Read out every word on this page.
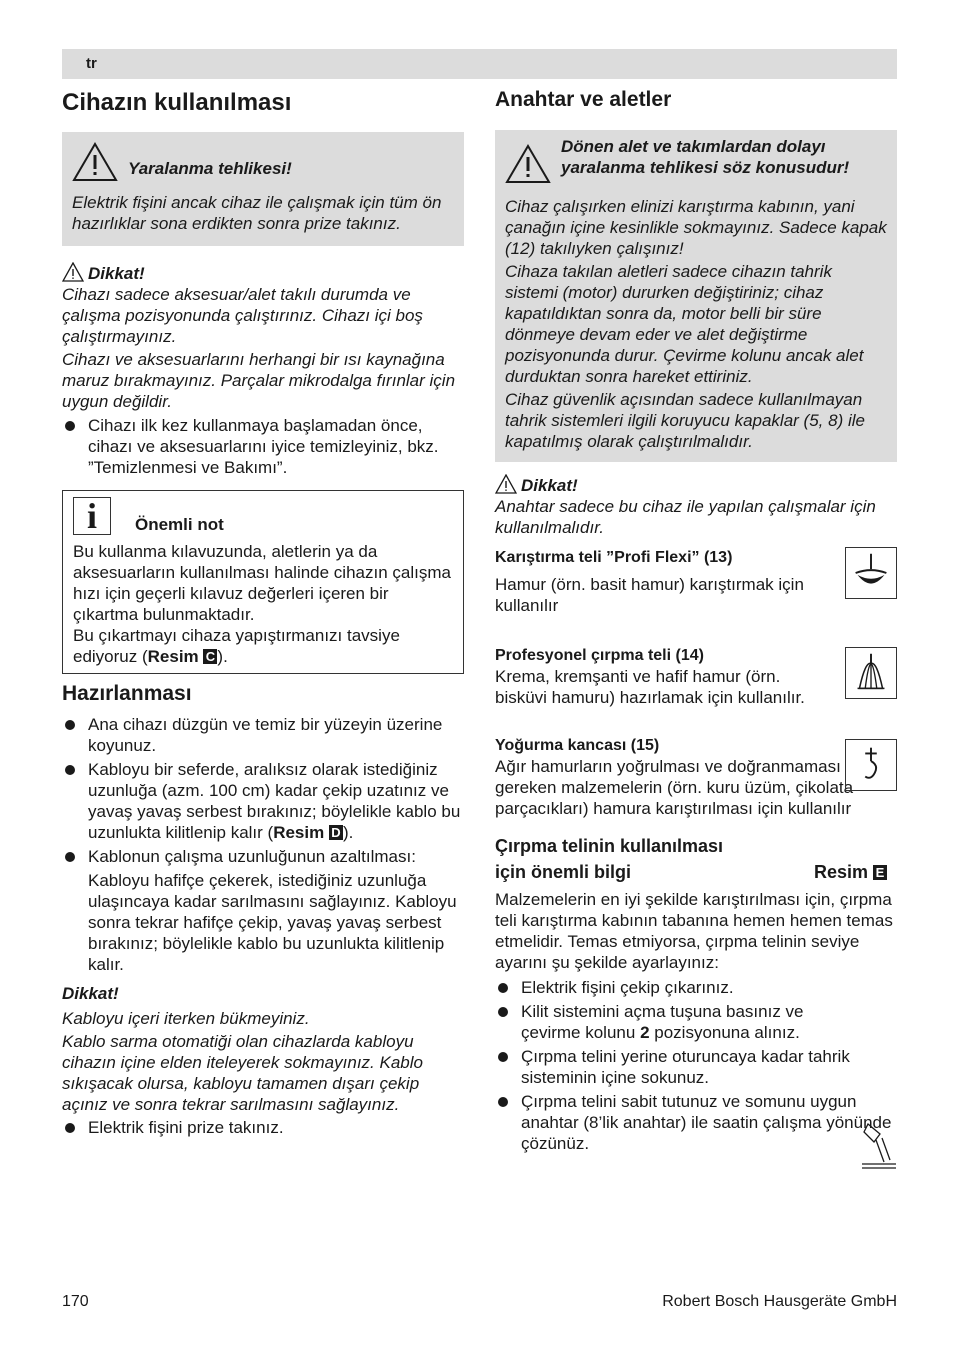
tr
Cihazın kullanılması

Yaralanma tehlikesi!

Elektrik fişini ancak cihaz ile çalışmak için tüm ön hazırlıklar sona erdikten sonra prize takınız.

Dikkat!

Cihazı sadece aksesuar/alet takılı durumda ve çalışma pozisyonunda çalıştırınız. Cihazı içi boş çalıştırmayınız.

Cihazı ve aksesuarlarını herhangi bir ısı kaynağına maruz bırakmayınız. Parçalar mikrodalga fırınlar için uygun değildir.

Cihazı ilk kez kullanmaya başlamadan önce, cihazı ve aksesuarlarını iyice temizleyiniz, bkz. ”Temizlenmesi ve Bakımı”.
i	Önemli not

Bu kullanma kılavuzunda, aletlerin ya da aksesuarların kullanılması halinde cihazın çalışma hızı için geçerli kılavuz değerleri içeren bir çıkartma bulunmaktadır.

Bu çıkartmayı cihaza yapıştırmanızı tavsiye ediyoruz (Resim C ).

Hazırlanması
Ana cihazı düzgün ve temiz bir yüzeyin üzerine koyunuz.
Kabloyu bir seferde, aralıksız olarak istediğiniz uzunluğa (azm. 100 cm) kadar çekip uzatınız ve yavaş yavaş serbest bırakınız; böylelikle kablo bu uzunlukta kilitlenip kalır (Resim D ).
Kablonun çalışma uzunluğunun azaltılması:

Kabloyu hafifçe çekerek, istediğiniz uzunluğa ulaşıncaya kadar sarılmasını sağlayınız. Kabloyu sonra tekrar hafifçe çekip, yavaş yavaş serbest bırakınız; böylelikle kablo bu uzunlukta kilitlenip kalır.

Dikkat!

Kabloyu içeri iterken bükmeyiniz.

Kablo sarma otomatiği olan cihazlarda kabloyu cihazın içine elden iteleyerek sokmayınız. Kablo sıkışacak olursa, kabloyu tamamen dışarı çekip açınız ve sonra tekrar sarılmasını sağlayınız.

Elektrik fişini prize takınız.
Anahtar ve aletler

Dönen alet ve takımlardan dolayı yaralanma tehlikesi söz konusudur!

Cihaz çalışırken elinizi karıştırma kabının, yani çanağın içine kesinlikle sokmayınız. Sadece kapak (12) takılıyken çalışınız!

Cihaza takılan aletleri sadece cihazın tahrik sistemi (motor) dururken değiştiriniz; cihaz kapatıldıktan sonra da, motor belli bir süre dönmeye devam eder ve alet değiştirme pozisyonunda durur. Çevirme kolunu ancak alet durduktan sonra hareket ettiriniz.

Cihaz güvenlik açısından sadece kullanılmayan tahrik sistemleri ilgili koruyucu kapaklar (5, 8) ile kapatılmış olarak çalıştırılmalıdır.

Dikkat!

Anahtar sadece bu cihaz ile yapılan çalışmalar için kullanılmalıdır.

Karıştırma teli ”Profi Flexi” (13)

Hamur (örn. basit hamur) karıştırmak için kullanılır

Profesyonel çırpma teli (14)

Krema, kremşanti ve hafif hamur (örn. bisküvi hamuru) hazırlamak için kullanılır.

Yoğurma kancası (15)

Ağır hamurların yoğrulması ve doğranmaması gereken malzemelerin (örn. kuru üzüm, çikolata parçacıkları) hamura karıştırılması için kullanılır

Çırpma telinin kullanılması

için önemli bilgi	Resim E

Malzemelerin en iyi şekilde karıştırılması için, çırpma teli karıştırma kabının tabanına hemen hemen temas etmelidir. Temas etmiyorsa, çırpma telinin seviye ayarını şu şekilde ayarlayınız:

Elektrik fişini çekip çıkarınız.
Kilit sistemini açma tuşuna basınız ve çevirme kolunu 2 pozisyonuna alınız.
Çırpma telini yerine oturuncaya kadar tahrik sisteminin içine sokunuz.
Çırpma telini sabit tutunuz ve somunu uygun anahtar (8’lik anahtar) ile saatin çalışma yönünde çözünüz.
170	Robert Bosch Hausgeräte GmbH
